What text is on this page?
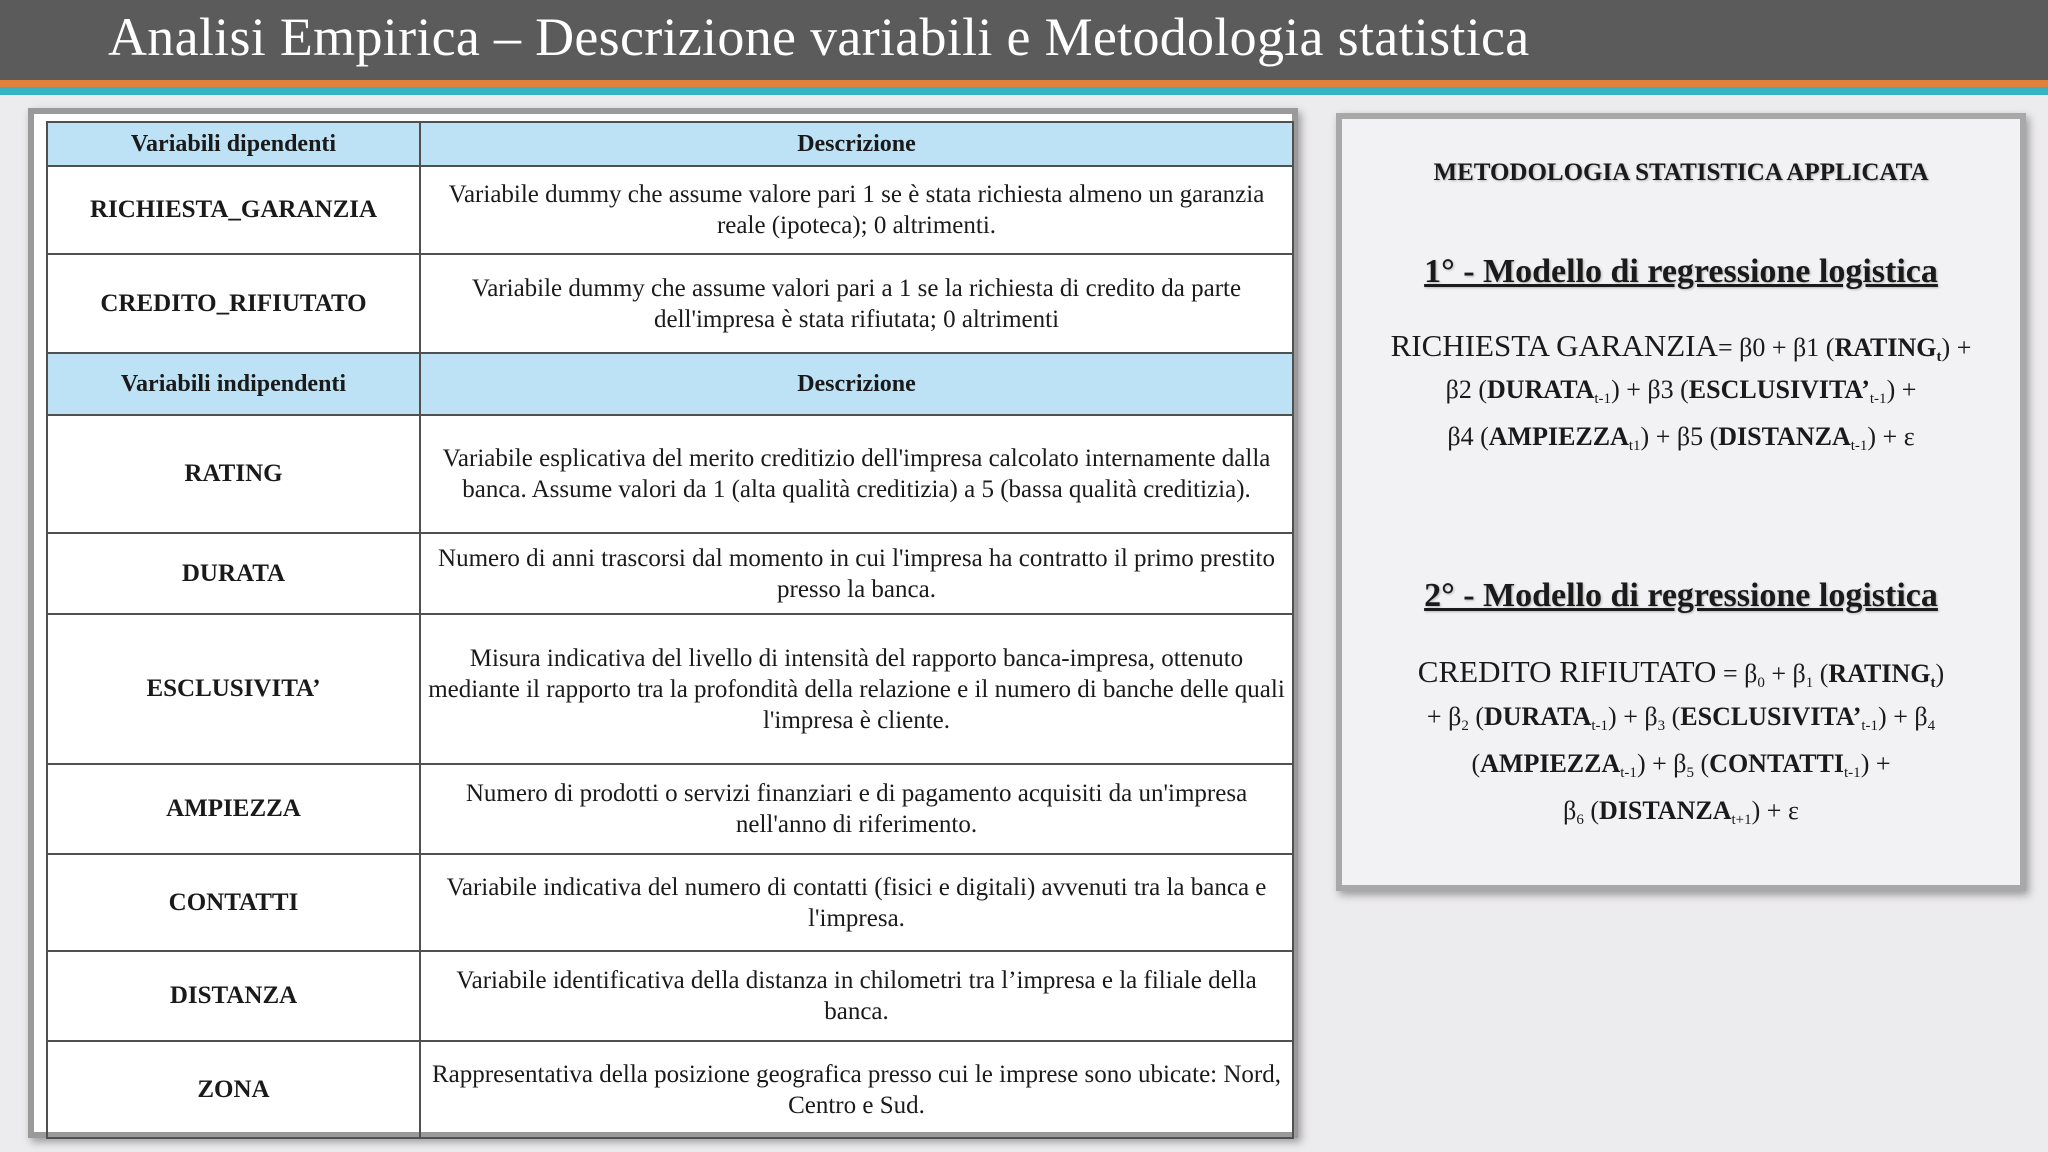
Analisi Empirica – Descrizione variabili e Metodologia statistica
Variabili dipendenti	Descrizione
RICHIESTA_GARANZIA	Variabile dummy che assume valore pari 1 se è stata richiesta almeno un garanzia reale (ipoteca); 0 altrimenti.
CREDITO_RIFIUTATO	Variabile dummy che assume valori pari a 1 se la richiesta di credito da parte dell'impresa è stata rifiutata; 0 altrimenti
Variabili indipendenti	Descrizione
RATING	Variabile esplicativa del merito creditizio dell'impresa calcolato internamente dalla banca. Assume valori da 1 (alta qualità creditizia) a 5 (bassa qualità creditizia).
DURATA	Numero di anni trascorsi dal momento in cui l'impresa ha contratto il primo prestito presso la banca.
ESCLUSIVITA’	Misura indicativa del livello di intensità del rapporto banca-impresa, ottenuto mediante il rapporto tra la profondità della relazione e il numero di banche delle quali l'impresa è cliente.
AMPIEZZA	Numero di prodotti o servizi finanziari e di pagamento acquisiti da un'impresa nell'anno di riferimento.
CONTATTI	Variabile indicativa del numero di contatti (fisici e digitali) avvenuti tra la banca e l'impresa.
DISTANZA	Variabile identificativa della distanza in chilometri tra l’impresa e la filiale della banca.
ZONA	Rappresentativa della posizione geografica presso cui le imprese sono ubicate: Nord, Centro e Sud.
METODOLOGIA STATISTICA APPLICATA
1° - Modello di regressione logistica
RICHIESTA GARANZIA= β0 + β1 $(RATING_t)$ +
β2 $(DURATA_{t-1}) + \beta 3$ $(ESCLUSIVITA’_{t-1})$ +
β4 $(AMPIEZZA_{t1}) + \beta 5$ $(DISTANZA_{t-1}) + \varepsilon$
2° - Modello di regressione logistica
CREDITO RIFIUTATO = $\beta_0 + \beta_1$ $(RATING_t)$
+ $\beta_2$ $(DURATA_{t-1}) + \beta_3$ $(ESCLUSIVITA’_{t-1}) + \beta_4$
$(AMPIEZZA_{t-1}) + \beta_5$ $(CONTATTI_{t-1})$ +
$\beta_6$ $(DISTANZA_{t+1}) + \varepsilon$
